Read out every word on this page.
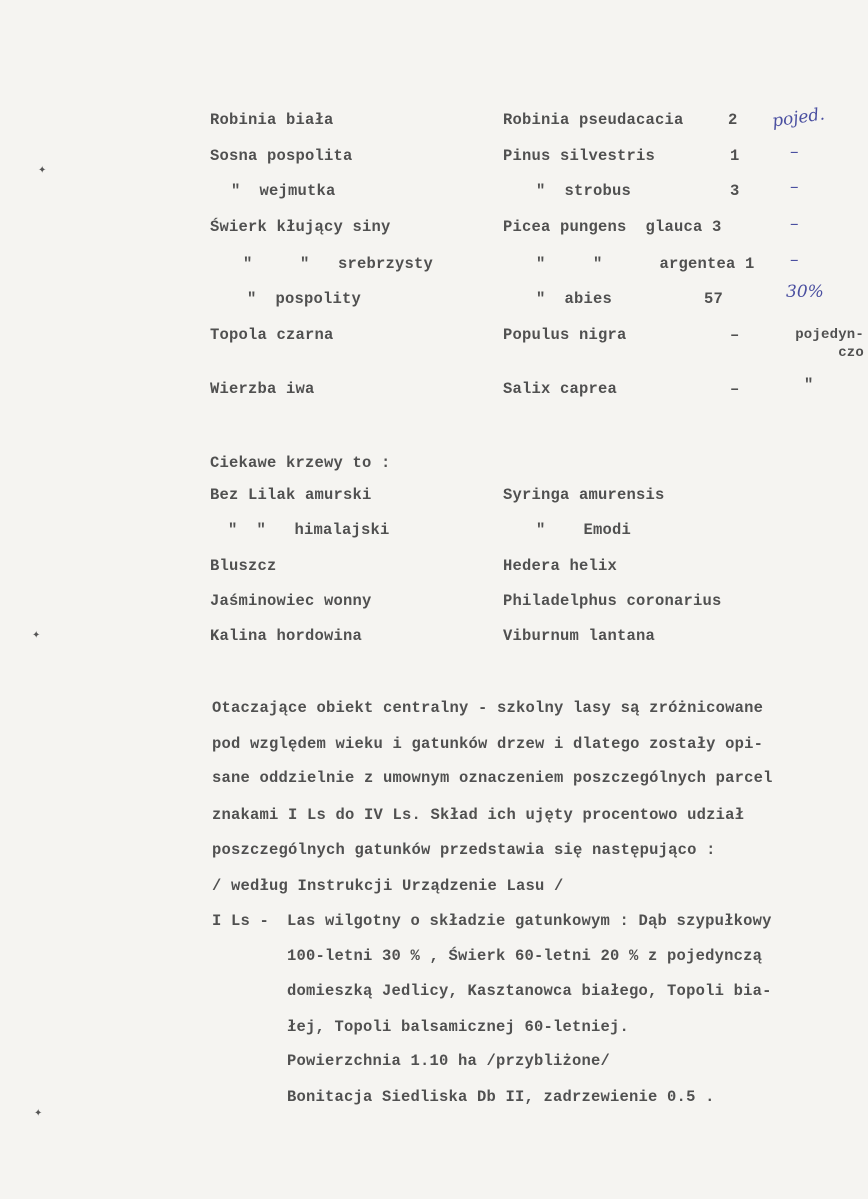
✦
✦
✦
Robinia biała	Robinia pseudacacia	2 pojed.
Sosna pospolita	Pinus silvestris	1	–
"  wejmutka	"  strobus	3	–
Świerk kłujący siny	Picea pungens  glauca 3	–
"     "   srebrzysty	"     "      argentea 1 –
"  pospolity	"  abies	57	30%
Topola czarna	Populus nigra	–	pojedyn-
czo
Wierzba iwa	Salix caprea	–	"
Ciekawe krzewy to :
Bez Lilak amurski	Syringa amurensis
"  "   himalajski	"    Emodi
Bluszcz	Hedera helix
Jaśminowiec wonny	Philadelphus coronarius
Kalina hordowina	Viburnum lantana
Otaczające obiekt centralny - szkolny lasy są zróżnicowane
pod względem wieku i gatunków drzew i dlatego zostały opi-
sane oddzielnie z umownym oznaczeniem poszczególnych parcel
znakami I Ls do IV Ls. Skład ich ujęty procentowo udział
poszczególnych gatunków przedstawia się następująco :
/ według Instrukcji Urządzenie Lasu /
I Ls - Las wilgotny o składzie gatunkowym : Dąb szypułkowy
100-letni 30 % , Świerk 60-letni 20 % z pojedynczą
domieszką Jedlicy, Kasztanowca białego, Topoli bia-
łej, Topoli balsamicznej 60-letniej.
Powierzchnia 1.10 ha /przybliżone/
Bonitacja Siedliska Db II, zadrzewienie 0.5 .
